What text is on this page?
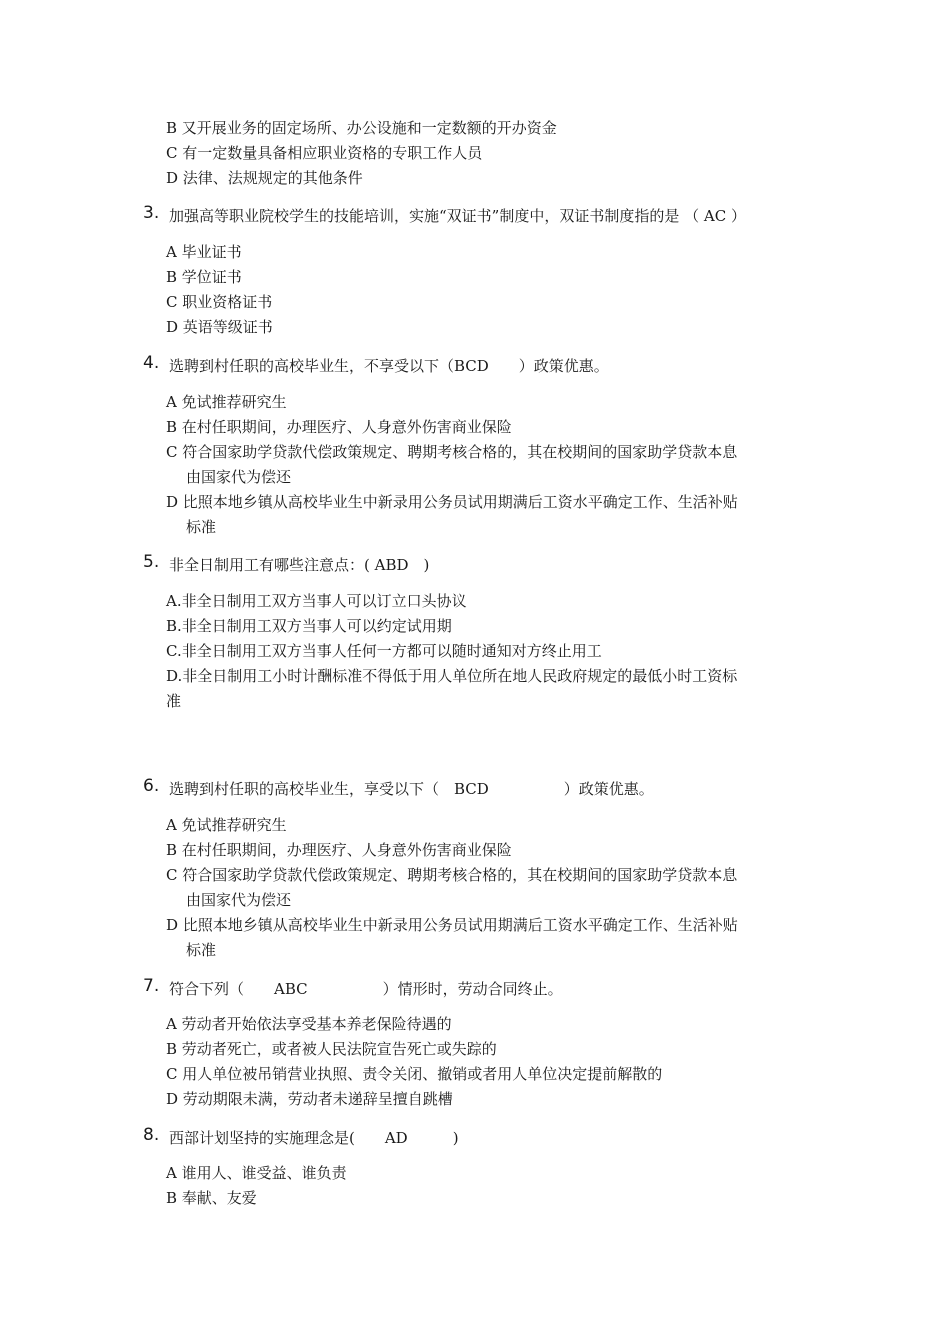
B 又开展业务的固定场所、办公设施和一定数额的开办资金
C 有一定数量具备相应职业资格的专职工作人员
D 法律、法规规定的其他条件
3. 加强高等职业院校学生的技能培训，实施“双证书”制度中，双证书制度指的是 （ AC ）
A 毕业证书
B 学位证书
C 职业资格证书
D 英语等级证书
4. 选聘到村任职的高校毕业生，不享受以下（BCD　　）政策优惠。
A 免试推荐研究生
B 在村任职期间，办理医疗、人身意外伤害商业保险
C 符合国家助学贷款代偿政策规定、聘期考核合格的，其在校期间的国家助学贷款本息
由国家代为偿还
D 比照本地乡镇从高校毕业生中新录用公务员试用期满后工资水平确定工作、生活补贴
标准
5. 非全日制用工有哪些注意点：( ABD　)
A.非全日制用工双方当事人可以订立口头协议
B.非全日制用工双方当事人可以约定试用期
C.非全日制用工双方当事人任何一方都可以随时通知对方终止用工
D.非全日制用工小时计酬标准不得低于用人单位所在地人民政府规定的最低小时工资标
准
6. 选聘到村任职的高校毕业生，享受以下（　BCD　　　　　）政策优惠。
A 免试推荐研究生
B 在村任职期间，办理医疗、人身意外伤害商业保险
C 符合国家助学贷款代偿政策规定、聘期考核合格的，其在校期间的国家助学贷款本息
由国家代为偿还
D 比照本地乡镇从高校毕业生中新录用公务员试用期满后工资水平确定工作、生活补贴
标准
7. 符合下列（　　ABC　　　　　）情形时，劳动合同终止。
A 劳动者开始依法享受基本养老保险待遇的
B 劳动者死亡，或者被人民法院宣告死亡或失踪的
C 用人单位被吊销营业执照、责令关闭、撤销或者用人单位决定提前解散的
D 劳动期限未满，劳动者未递辞呈擅自跳槽
8. 西部计划坚持的实施理念是(　　AD　　　)
A 谁用人、谁受益、谁负责
B 奉献、友爱
